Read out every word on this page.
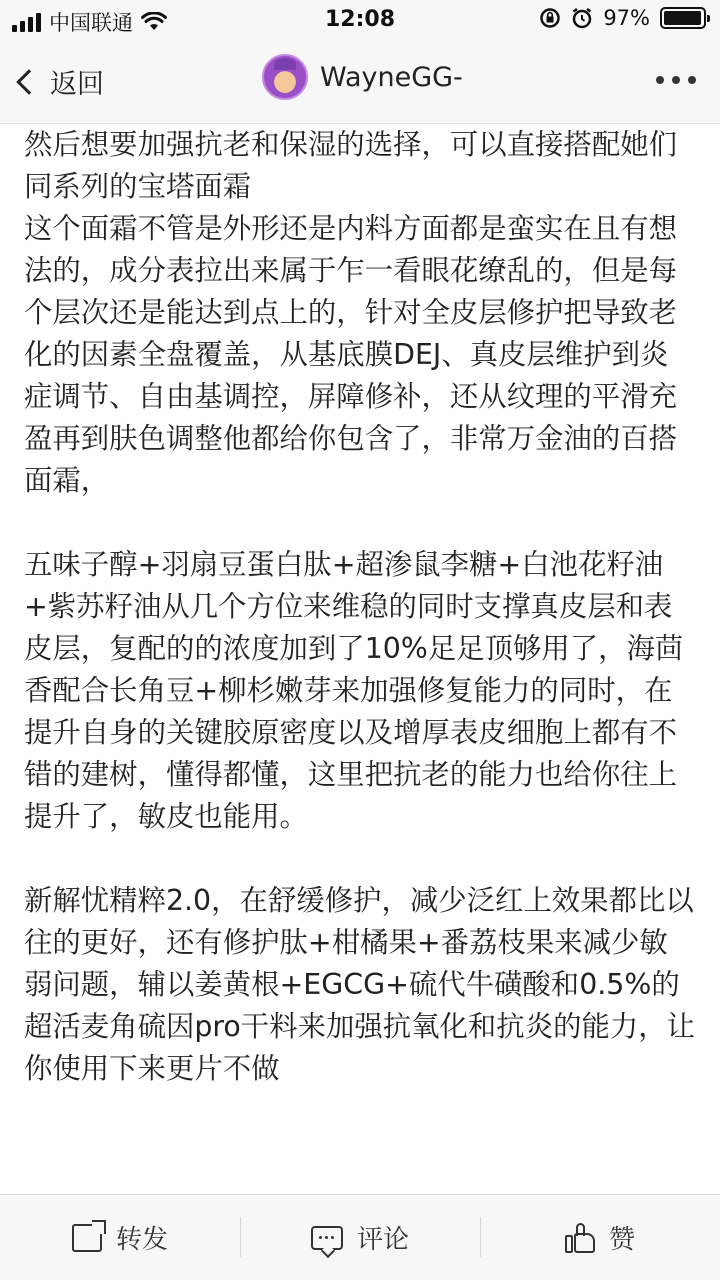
中国联通	12:08	97%
返回	WayneGG-

然后想要加强抗老和保湿的选择，可以直接搭配她们同系列的宝塔面霜
这个面霜不管是外形还是内料方面都是蛮实在且有想法的，成分表拉出来属于乍一看眼花缭乱的，但是每个层次还是能达到点上的，针对全皮层修护把导致老化的因素全盘覆盖，从基底膜DEJ、真皮层维护到炎症调节、自由基调控，屏障修补，还从纹理的平滑充盈再到肤色调整他都给你包含了，非常万金油的百搭面霜，

五味子醇+羽扇豆蛋白肽+超渗鼠李糖+白池花籽油+紫苏籽油从几个方位来维稳的同时支撑真皮层和表皮层，复配的的浓度加到了10%足足顶够用了，海茴香配合长角豆+柳杉嫩芽来加强修复能力的同时，在提升自身的关键胶原密度以及增厚表皮细胞上都有不错的建树，懂得都懂，这里把抗老的能力也给你往上提升了，敏皮也能用。

新解忧精粹2.0，在舒缓修护，减少泛红上效果都比以往的更好，还有修护肽+柑橘果+番荔枝果来减少敏弱问题，辅以姜黄根+EGCG+硫代牛磺酸和0.5%的超活麦角硫因pro干料来加强抗氧化和抗炎的能力，让你使用下来更片不做

转发	评论	赞
